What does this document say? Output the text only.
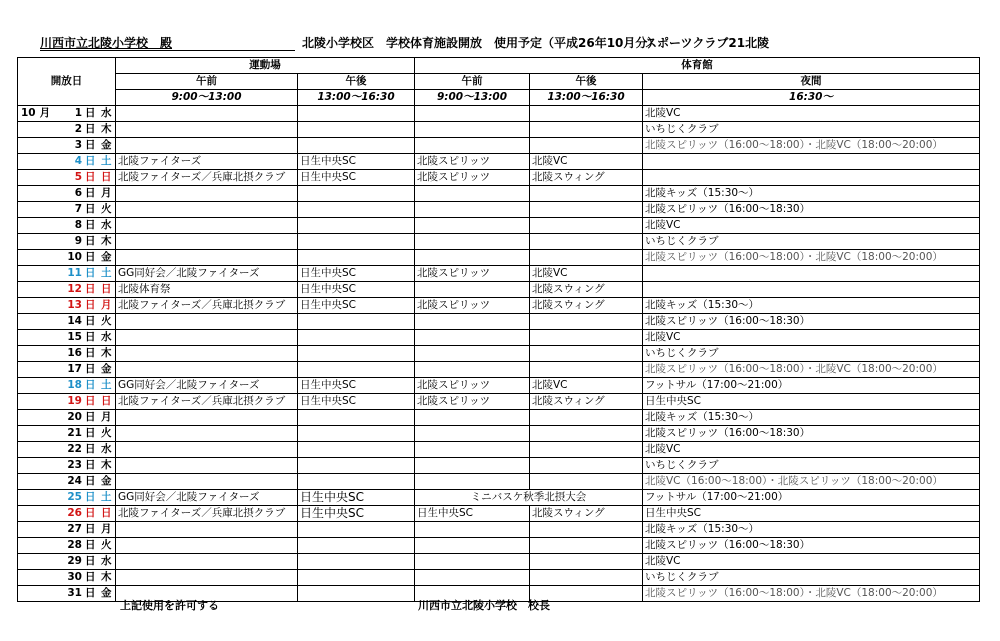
川西市立北陵小学校　殿	北陵小学校区　学校体育施設開放　使用予定（平成26年10月分）
スポーツクラブ21北陵
開放日			運動場		体育館		
			午前	午後	午前	午後	夜間
			9:00～13:00	13:00～16:30	9:00～13:00	13:00～16:30	16:30～
10 月	1 日	水					北陵VC
	2 日	木					いちじくクラブ
	3 日	金					北陵スピリッツ（16:00～18:00）・北陵VC（18:00～20:00）
	4 日	土	北陵ファイターズ	日生中央SC	北陵スピリッツ	北陵VC	
	5 日	日	北陵ファイターズ／兵庫北摂クラブ	日生中央SC	北陵スピリッツ	北陵スウィング	
	6 日	月					北陵キッズ（15:30～）
	7 日	火					北陵スピリッツ（16:00～18:30）
	8 日	水					北陵VC
	9 日	木					いちじくクラブ
	10 日	金					北陵スピリッツ（16:00～18:00）・北陵VC（18:00～20:00）
	11 日	土	GG同好会／北陵ファイターズ	日生中央SC	北陵スピリッツ	北陵VC	
	12 日	日	北陵体育祭	日生中央SC		北陵スウィング	
	13 日	月	北陵ファイターズ／兵庫北摂クラブ	日生中央SC	北陵スピリッツ	北陵スウィング	北陵キッズ（15:30～）
	14 日	火					北陵スピリッツ（16:00～18:30）
	15 日	水					北陵VC
	16 日	木					いちじくクラブ
	17 日	金					北陵スピリッツ（16:00～18:00）・北陵VC（18:00～20:00）
	18 日	土	GG同好会／北陵ファイターズ	日生中央SC	北陵スピリッツ	北陵VC	フットサル（17:00～21:00）
	19 日	日	北陵ファイターズ／兵庫北摂クラブ	日生中央SC	北陵スピリッツ	北陵スウィング	日生中央SC
	20 日	月					北陵キッズ（15:30～）
	21 日	火					北陵スピリッツ（16:00～18:30）
	22 日	水					北陵VC
	23 日	木					いちじくクラブ
	24 日	金					北陵VC（16:00～18:00）・北陵スピリッツ（18:00～20:00）
	25 日	土	GG同好会／北陵ファイターズ	日生中央SC	ミニバスケ秋季北摂大会		フットサル（17:00～21:00）
	26 日	日	北陵ファイターズ／兵庫北摂クラブ	日生中央SC	日生中央SC	北陵スウィング	日生中央SC
	27 日	月					北陵キッズ（15:30～）
	28 日	火					北陵スピリッツ（16:00～18:30）
	29 日	水					北陵VC
	30 日	木					いちじくクラブ
	31 日	金					北陵スピリッツ（16:00～18:00）・北陵VC（18:00～20:00）
上記使用を許可する	川西市立北陵小学校　校長
